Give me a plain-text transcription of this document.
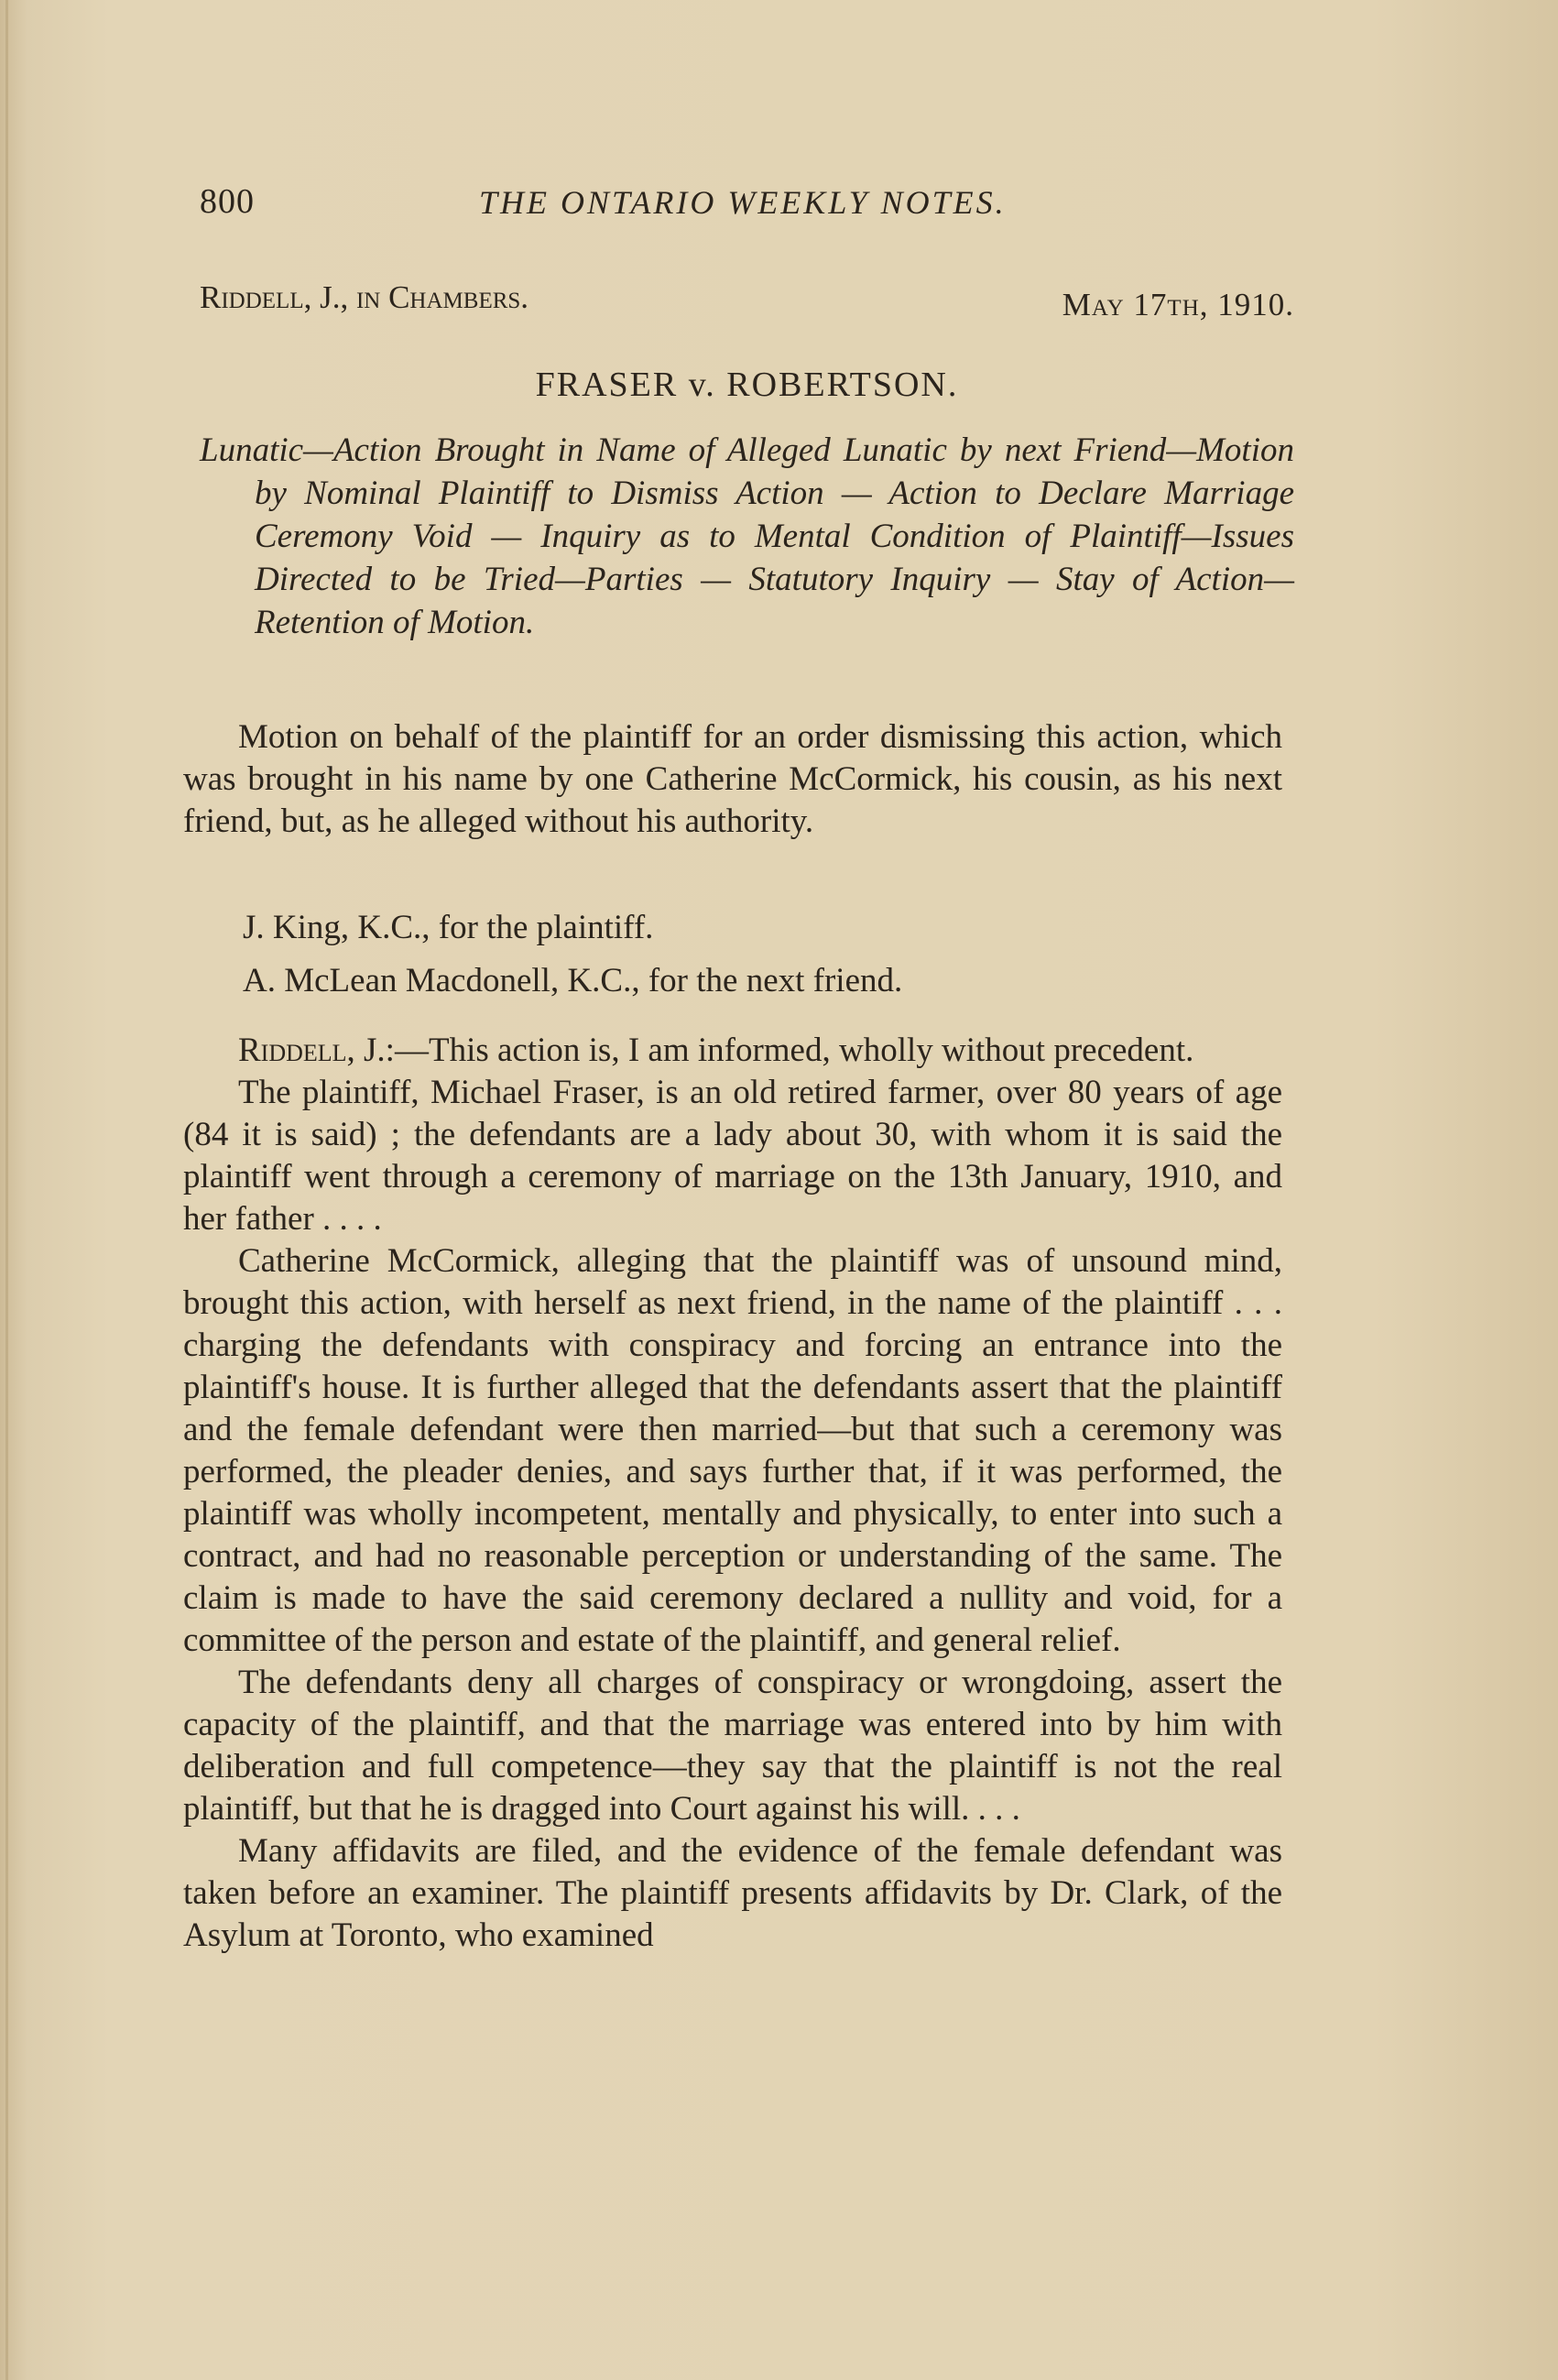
800	THE ONTARIO WEEKLY NOTES.
Riddell, J., in Chambers.	May 17th, 1910.
FRASER v. ROBERTSON.
Lunatic—Action Brought in Name of Alleged Lunatic by next Friend—Motion by Nominal Plaintiff to Dismiss Action — Action to Declare Marriage Ceremony Void — Inquiry as to Mental Condition of Plaintiff—Issues Directed to be Tried—Parties — Statutory Inquiry — Stay of Action—Retention of Motion.

Motion on behalf of the plaintiff for an order dismissing this action, which was brought in his name by one Catherine McCormick, his cousin, as his next friend, but, as he alleged without his authority.

J. King, K.C., for the plaintiff.

A. McLean Macdonell, K.C., for the next friend.

Riddell, J.:—This action is, I am informed, wholly without precedent.

The plaintiff, Michael Fraser, is an old retired farmer, over 80 years of age (84 it is said) ; the defendants are a lady about 30, with whom it is said the plaintiff went through a ceremony of marriage on the 13th January, 1910, and her father . . . .

Catherine McCormick, alleging that the plaintiff was of unsound mind, brought this action, with herself as next friend, in the name of the plaintiff . . . charging the defendants with conspiracy and forcing an entrance into the plaintiff's house. It is further alleged that the defendants assert that the plaintiff and the female defendant were then married—but that such a ceremony was performed, the pleader denies, and says further that, if it was performed, the plaintiff was wholly incompetent, mentally and physically, to enter into such a contract, and had no reasonable perception or understanding of the same. The claim is made to have the said ceremony declared a nullity and void, for a committee of the person and estate of the plaintiff, and general relief.

The defendants deny all charges of conspiracy or wrongdoing, assert the capacity of the plaintiff, and that the marriage was entered into by him with deliberation and full competence—they say that the plaintiff is not the real plaintiff, but that he is dragged into Court against his will. . . .

Many affidavits are filed, and the evidence of the female defendant was taken before an examiner. The plaintiff presents affidavits by Dr. Clark, of the Asylum at Toronto, who examined
